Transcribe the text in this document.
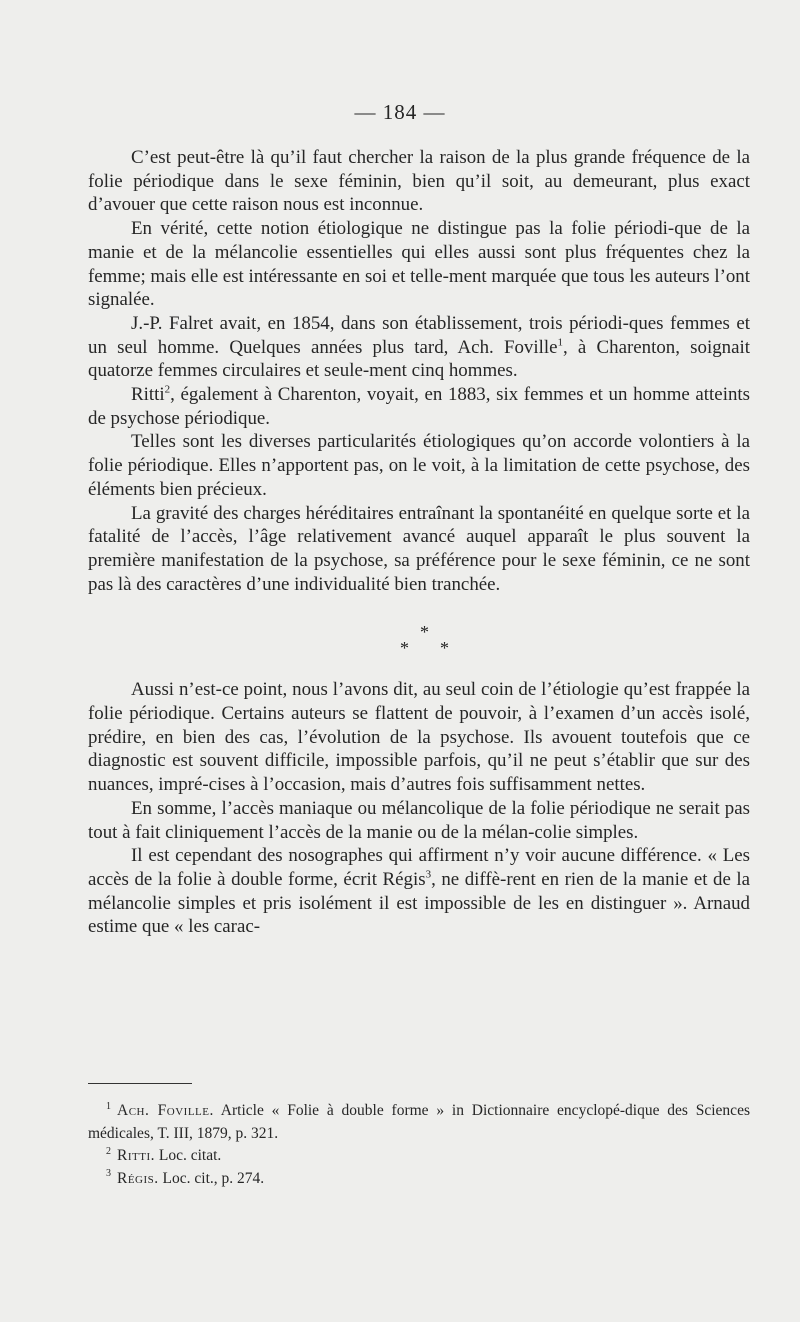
— 184 —

C’est peut-être là qu’il faut chercher la raison de la plus grande fréquence de la folie périodique dans le sexe féminin, bien qu’il soit, au demeurant, plus exact d’avouer que cette raison nous est inconnue.

En vérité, cette notion étiologique ne distingue pas la folie périodi-que de la manie et de la mélancolie essentielles qui elles aussi sont plus fréquentes chez la femme; mais elle est intéressante en soi et telle-ment marquée que tous les auteurs l’ont signalée.

J.-P. Falret avait, en 1854, dans son établissement, trois périodi-ques femmes et un seul homme. Quelques années plus tard, Ach. Foville$^1$, à Charenton, soignait quatorze femmes circulaires et seule-ment cinq hommes.

Ritti$^2$, également à Charenton, voyait, en 1883, six femmes et un homme atteints de psychose périodique.

Telles sont les diverses particularités étiologiques qu’on accorde volontiers à la folie périodique. Elles n’apportent pas, on le voit, à la limitation de cette psychose, des éléments bien précieux.

La gravité des charges héréditaires entraînant la spontanéité en quelque sorte et la fatalité de l’accès, l’âge relativement avancé auquel apparaît le plus souvent la première manifestation de la psychose, sa préférence pour le sexe féminin, ce ne sont pas là des caractères d’une individualité bien tranchée.

*
* *

Aussi n’est-ce point, nous l’avons dit, au seul coin de l’étiologie qu’est frappée la folie périodique. Certains auteurs se flattent de pouvoir, à l’examen d’un accès isolé, prédire, en bien des cas, l’évolution de la psychose. Ils avouent toutefois que ce diagnostic est souvent difficile, impossible parfois, qu’il ne peut s’établir que sur des nuances, impré-cises à l’occasion, mais d’autres fois suffisamment nettes.

En somme, l’accès maniaque ou mélancolique de la folie périodique ne serait pas tout à fait cliniquement l’accès de la manie ou de la mélan-colie simples.

Il est cependant des nosographes qui affirment n’y voir aucune différence. « Les accès de la folie à double forme, écrit Régis$^3$, ne diffè-rent en rien de la manie et de la mélancolie simples et pris isolément il est impossible de les en distinguer ». Arnaud estime que « les carac-

$^1$ Ach. Foville. Article « Folie à double forme » in Dictionnaire encyclopé-dique des Sciences médicales, T. III, 1879, p. 321.

$^2$ Ritti. Loc. citat.

$^3$ Régis. Loc. cit., p. 274.
